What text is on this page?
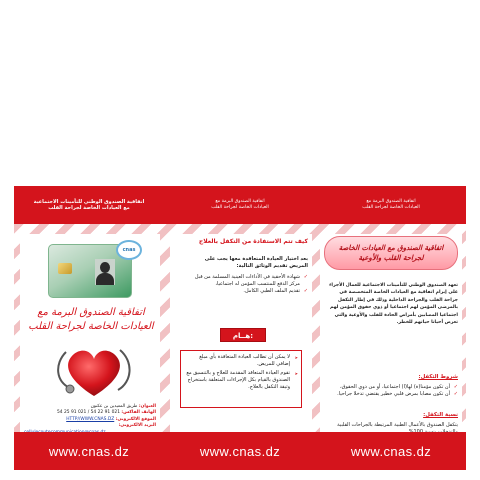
اتفاقية الصندوق الوطني للتأمينات الاجتماعية
مع العيادات الخاصة لجراحة القلب
اتفاقية الصندوق البرمة مع
العيادات الخاصة لجراحة القلب
اتفاقية الصندوق البرمة مع
العيادات الخاصة لجراحة القلب
cnas
اتفاقية الصندوق البرمة مع العيادات الخاصة لجراحة القلب
العنوان: طريق المعيدين بن عكنون
الهاتف الفاكس: 021 91 22 54 / 021 91 25 54
الموقع الالكتروني: HTTP//WWW.CNAS.DZ
البريد الالكتروني:
كيف تتم الاستفادة من التكفل بالعلاج
بعد اختيار العيادة المتعاقدة معها يجب على المريض تقديم الوثائق التالية:
✓ شهادة الأحقية في الأداءات العينية المسلمة من قبل مركز الدفع للمنتسب المؤمن له اجتماعيا،
✓ تقديم الملف الطبي الكامل.
هــام:
➤ لا يمكن أن تطالب العيادة المتعاقدة بأي مبلغ إضافي للمريض.
➤ تقوم العيادة المتعاقد المقدمة للعلاج و بالتنسيق مع الصندوق بالقيام بكل الإجراءات المتعلقة باستخراج وثيقة التكفل بالعلاج.
اتفاقية الصندوق مع العيادات الخاصة لجراحة القلب والأوعية
تعهد الصندوق الوطني للتأمينات الاجتماعية للعمال الأجراء على إبرام اتفاقية مع العيادات الخاصة المتخصصة في جراحة القلب والجراحة الداخلية وذلك في إطار التكفل بالمرضى المؤمن لهم اجتماعيا أو ذوي حقوق المؤمن لهم اجتماعيا المصابين بأمراض الحادة للقلب والأوعية والتي تعرض أحيانا حياتهم للخطر.
شروط التكفل:
✓ أن تكون مؤمنا(ة) لها(ا) اجتماعيا، أو من ذوي الحقوق،
✓ أن تكون مصابا بمرض قلبي خطير يقتضي تدخلا جراحيا.
نسبة التكفل:
يتكفل الصندوق بالأعمال الطبية المرتبطة بالجراحات القلبية
www.cnas.dz	www.cnas.dz	www.cnas.dz
